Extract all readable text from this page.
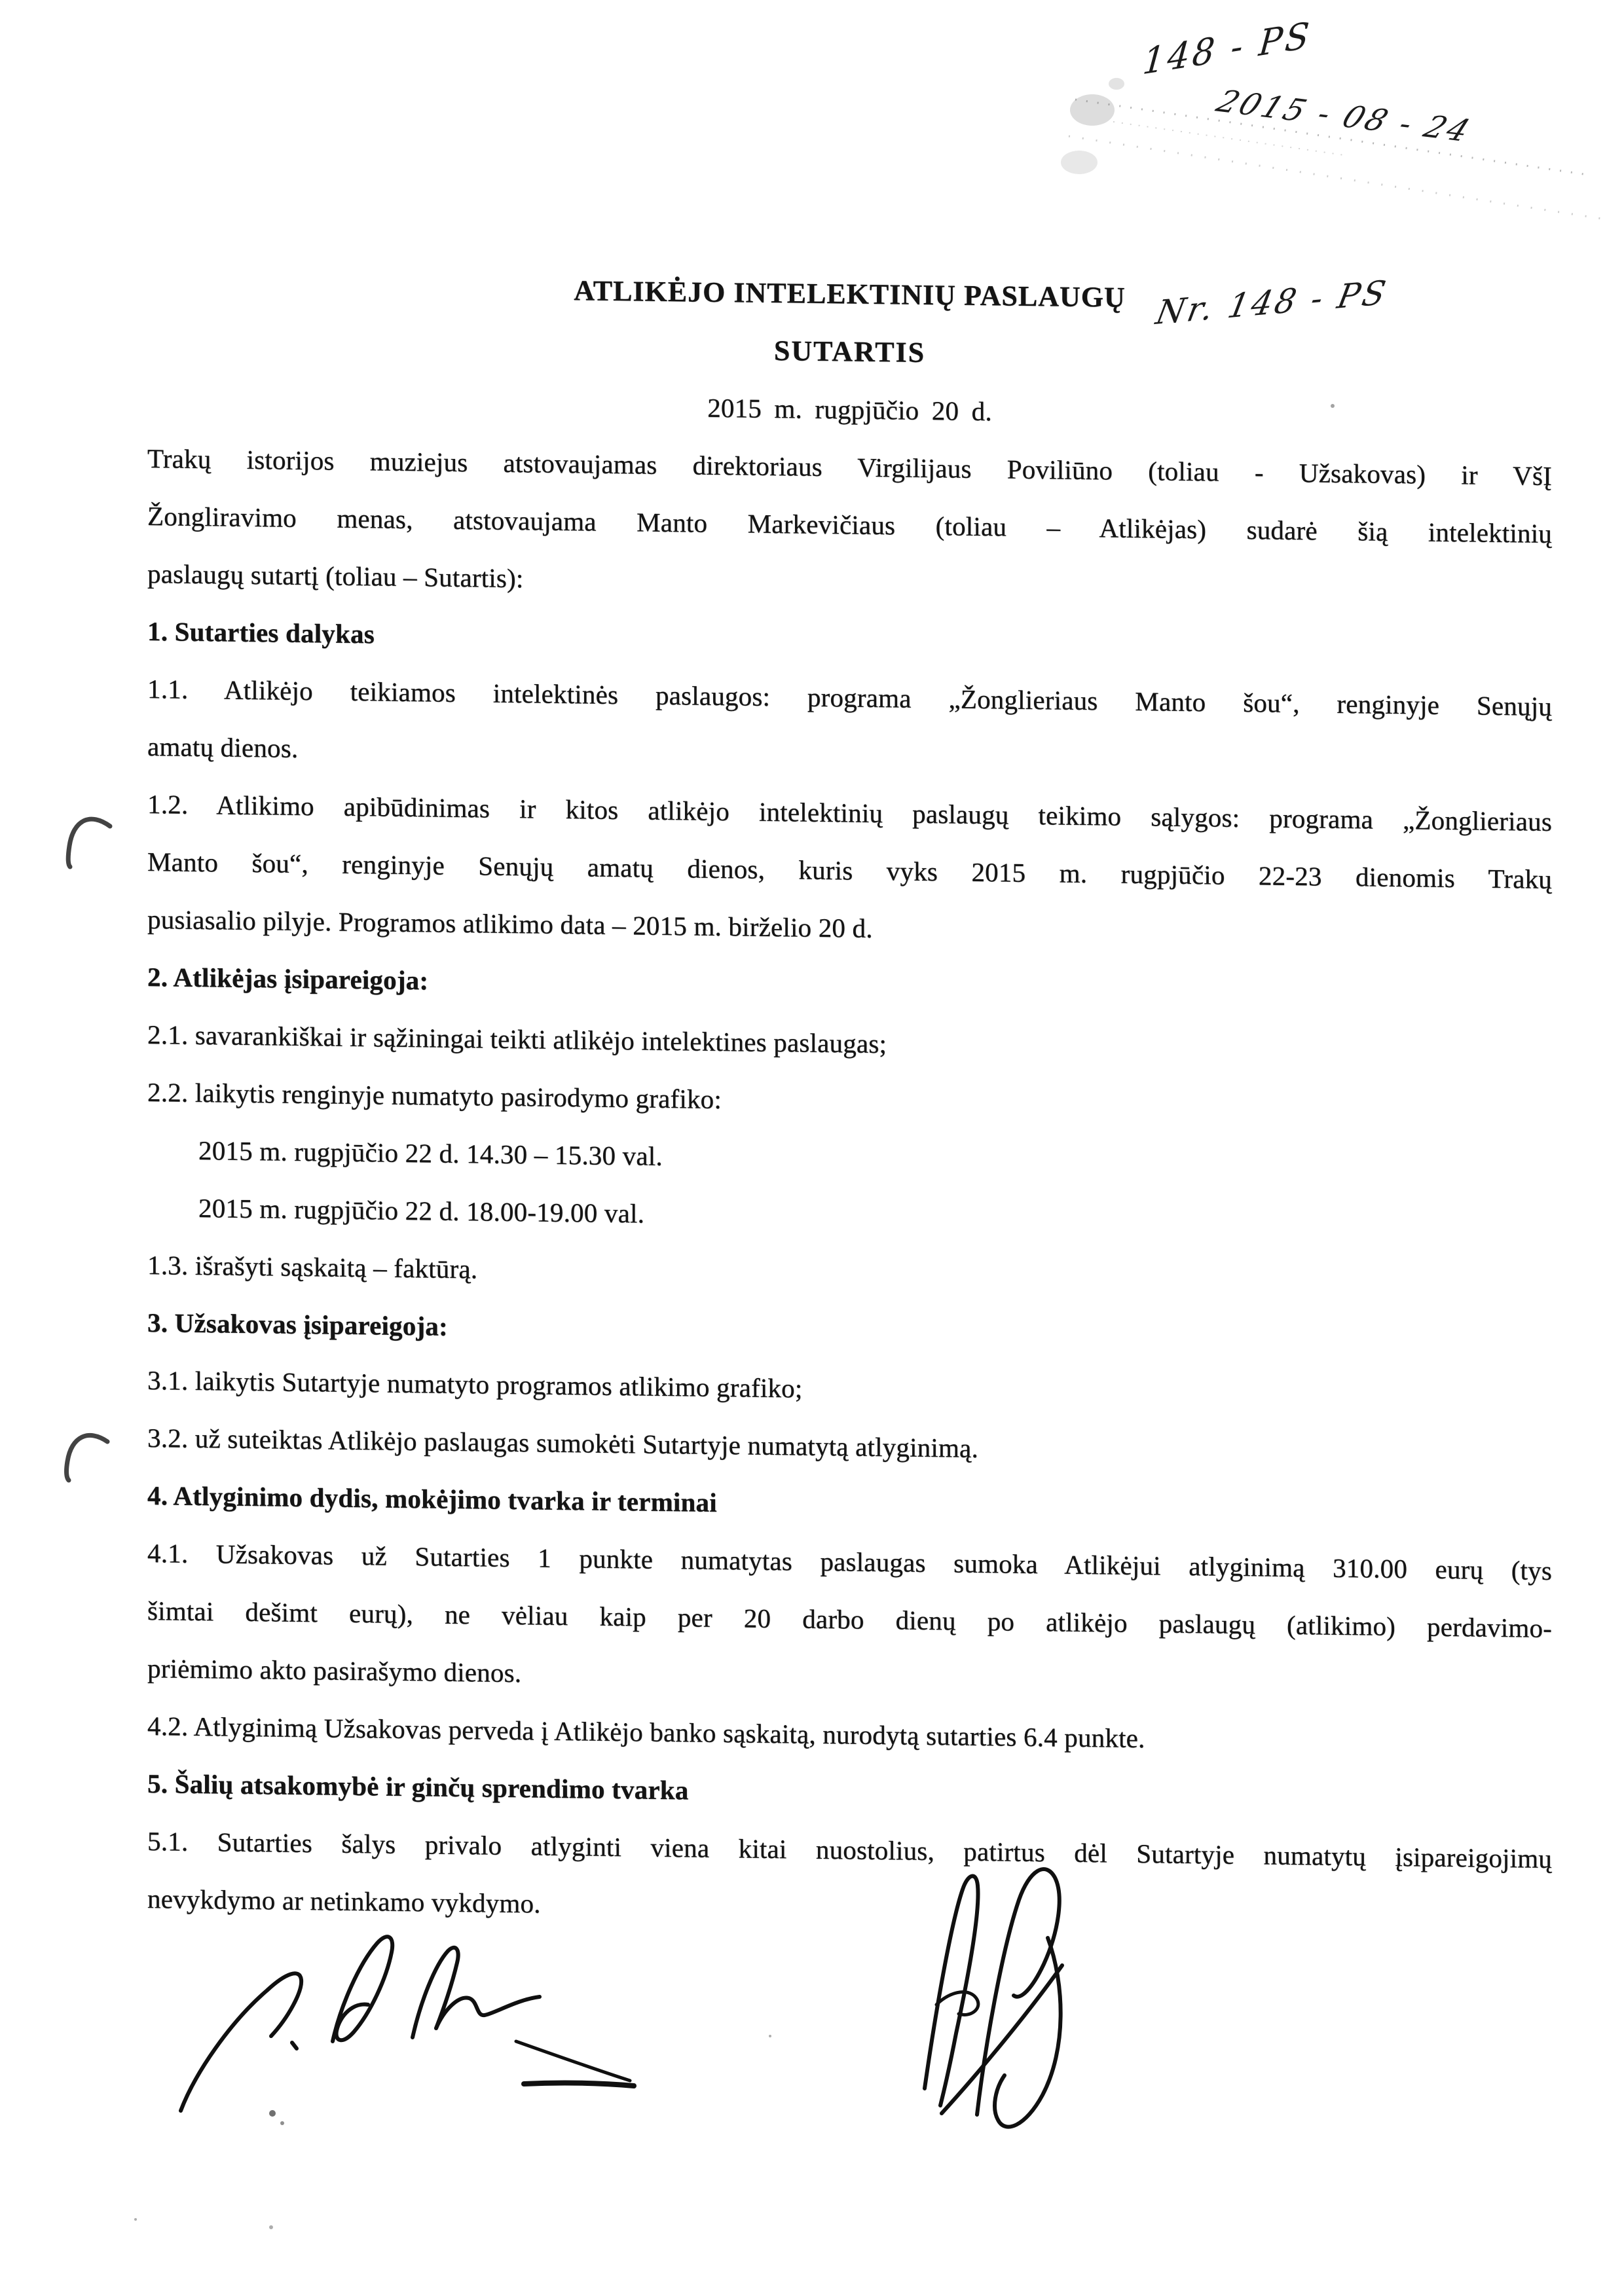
148 - PS
2015 - 08 - 24
Nr. 148 - PS
ATLIKĖJO INTELEKTINIŲ PASLAUGŲ
SUTARTIS
2015 m. rugpjūčio 20 d.
Trakų istorijos muziejus atstovaujamas direktoriaus Virgilijaus Poviliūno (toliau - Užsakovas) ir VšĮ
Žongliravimo menas, atstovaujama Manto Markevičiaus (toliau – Atlikėjas) sudarė šią intelektinių
paslaugų sutartį (toliau – Sutartis):
1. Sutarties dalykas
1.1. Atlikėjo teikiamos intelektinės paslaugos: programa „Žonglieriaus Manto šou“, renginyje Senųjų
amatų dienos.
1.2. Atlikimo apibūdinimas ir kitos atlikėjo intelektinių paslaugų teikimo sąlygos: programa „Žonglieriaus
Manto šou“, renginyje Senųjų amatų dienos, kuris vyks 2015 m. rugpjūčio 22-23 dienomis Trakų
pusiasalio pilyje. Programos atlikimo data – 2015 m. birželio 20 d.
2. Atlikėjas įsipareigoja:
2.1. savarankiškai ir sąžiningai teikti atlikėjo intelektines paslaugas;
2.2. laikytis renginyje numatyto pasirodymo grafiko:
2015 m. rugpjūčio 22 d. 14.30 – 15.30 val.
2015 m. rugpjūčio 22 d. 18.00-19.00 val.
1.3. išrašyti sąskaitą – faktūrą.
3. Užsakovas įsipareigoja:
3.1. laikytis Sutartyje numatyto programos atlikimo grafiko;
3.2. už suteiktas Atlikėjo paslaugas sumokėti Sutartyje numatytą atlyginimą.
4. Atlyginimo dydis, mokėjimo tvarka ir terminai
4.1. Užsakovas už Sutarties 1 punkte numatytas paslaugas sumoka Atlikėjui atlyginimą 310.00 eurų (tys
šimtai dešimt eurų), ne vėliau kaip per 20 darbo dienų po atlikėjo paslaugų (atlikimo) perdavimo-
priėmimo akto pasirašymo dienos.
4.2. Atlyginimą Užsakovas perveda į Atlikėjo banko sąskaitą, nurodytą sutarties 6.4 punkte.
5. Šalių atsakomybė ir ginčų sprendimo tvarka
5.1. Sutarties šalys privalo atlyginti viena kitai nuostolius, patirtus dėl Sutartyje numatytų įsipareigojimų
nevykdymo ar netinkamo vykdymo.
